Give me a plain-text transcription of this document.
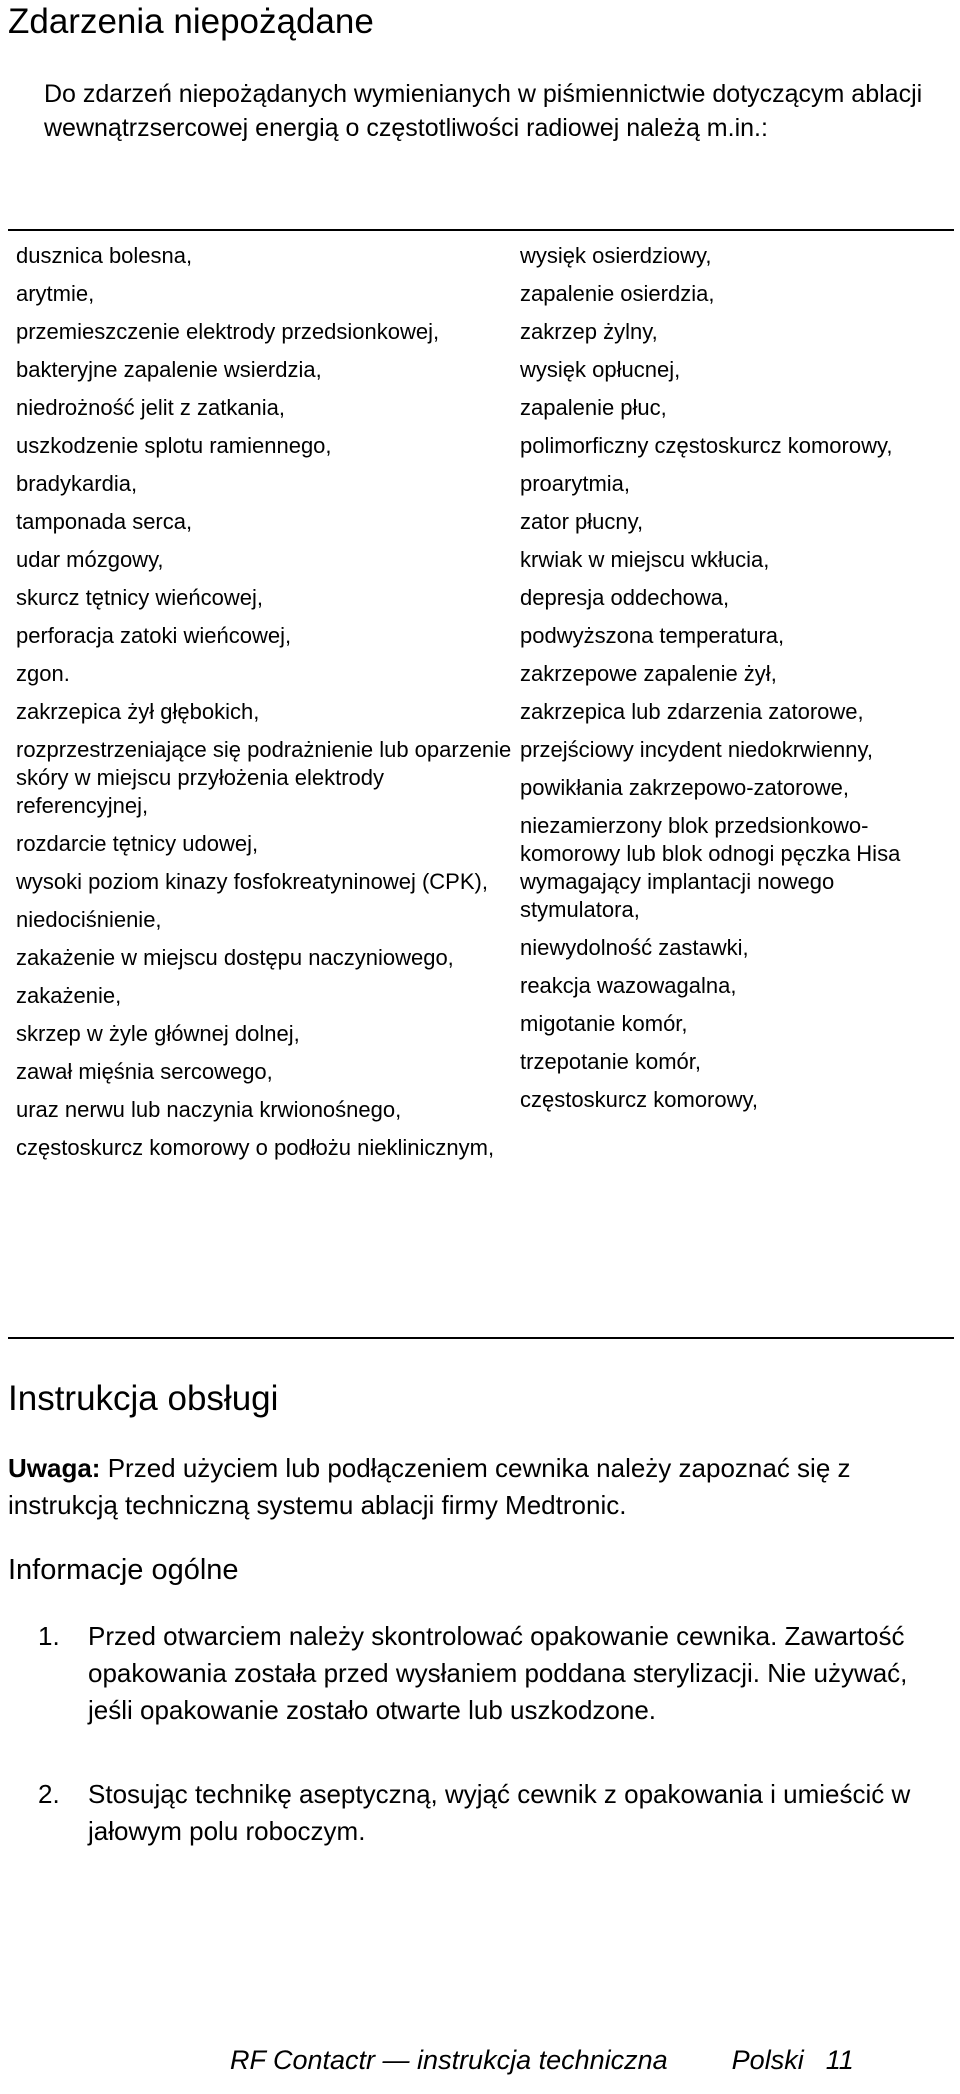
Zdarzenia niepożądane

Do zdarzeń niepożądanych wymienianych w piśmiennictwie dotyczącym ablacji wewnątrzsercowej energią o częstotliwości radiowej należą m.in.:

dusznica bolesna,
arytmie,
przemieszczenie elektrody przedsionkowej,
bakteryjne zapalenie wsierdzia,
niedrożność jelit z zatkania,
uszkodzenie splotu ramiennego,
bradykardia,
tamponada serca,
udar mózgowy,
skurcz tętnicy wieńcowej,
perforacja zatoki wieńcowej,
zgon.
zakrzepica żył głębokich,
rozprzestrzeniające się podrażnienie lub oparzenie skóry w miejscu przyłożenia elektrody referencyjnej,
rozdarcie tętnicy udowej,
wysoki poziom kinazy fosfokreatyninowej (CPK),
niedociśnienie,
zakażenie w miejscu dostępu naczyniowego,
zakażenie,
skrzep w żyle głównej dolnej,
zawał mięśnia sercowego,
uraz nerwu lub naczynia krwionośnego,
częstoskurcz komorowy o podłożu nieklinicznym,
wysięk osierdziowy,
zapalenie osierdzia,
zakrzep żylny,
wysięk opłucnej,
zapalenie płuc,
polimorficzny częstoskurcz komorowy,
proarytmia,
zator płucny,
krwiak w miejscu wkłucia,
depresja oddechowa,
podwyższona temperatura,
zakrzepowe zapalenie żył,
zakrzepica lub zdarzenia zatorowe,
przejściowy incydent niedokrwienny,
powikłania zakrzepowo-zatorowe,
niezamierzony blok przedsionkowo-komorowy lub blok odnogi pęczka Hisa wymagający implantacji nowego stymulatora,
niewydolność zastawki,
reakcja wazowagalna,
migotanie komór,
trzepotanie komór,
częstoskurcz komorowy,
Instrukcja obsługi

Uwaga: Przed użyciem lub podłączeniem cewnika należy zapoznać się z instrukcją techniczną systemu ablacji firmy Medtronic.

Informacje ogólne
1. Przed otwarciem należy skontrolować opakowanie cewnika. Zawartość opakowania została przed wysłaniem poddana sterylizacji. Nie używać, jeśli opakowanie zostało otwarte lub uszkodzone.

2. Stosując technikę aseptyczną, wyjąć cewnik z opakowania i umieścić w jałowym polu roboczym.

RF Contactr — instrukcja techniczna Polski 11
